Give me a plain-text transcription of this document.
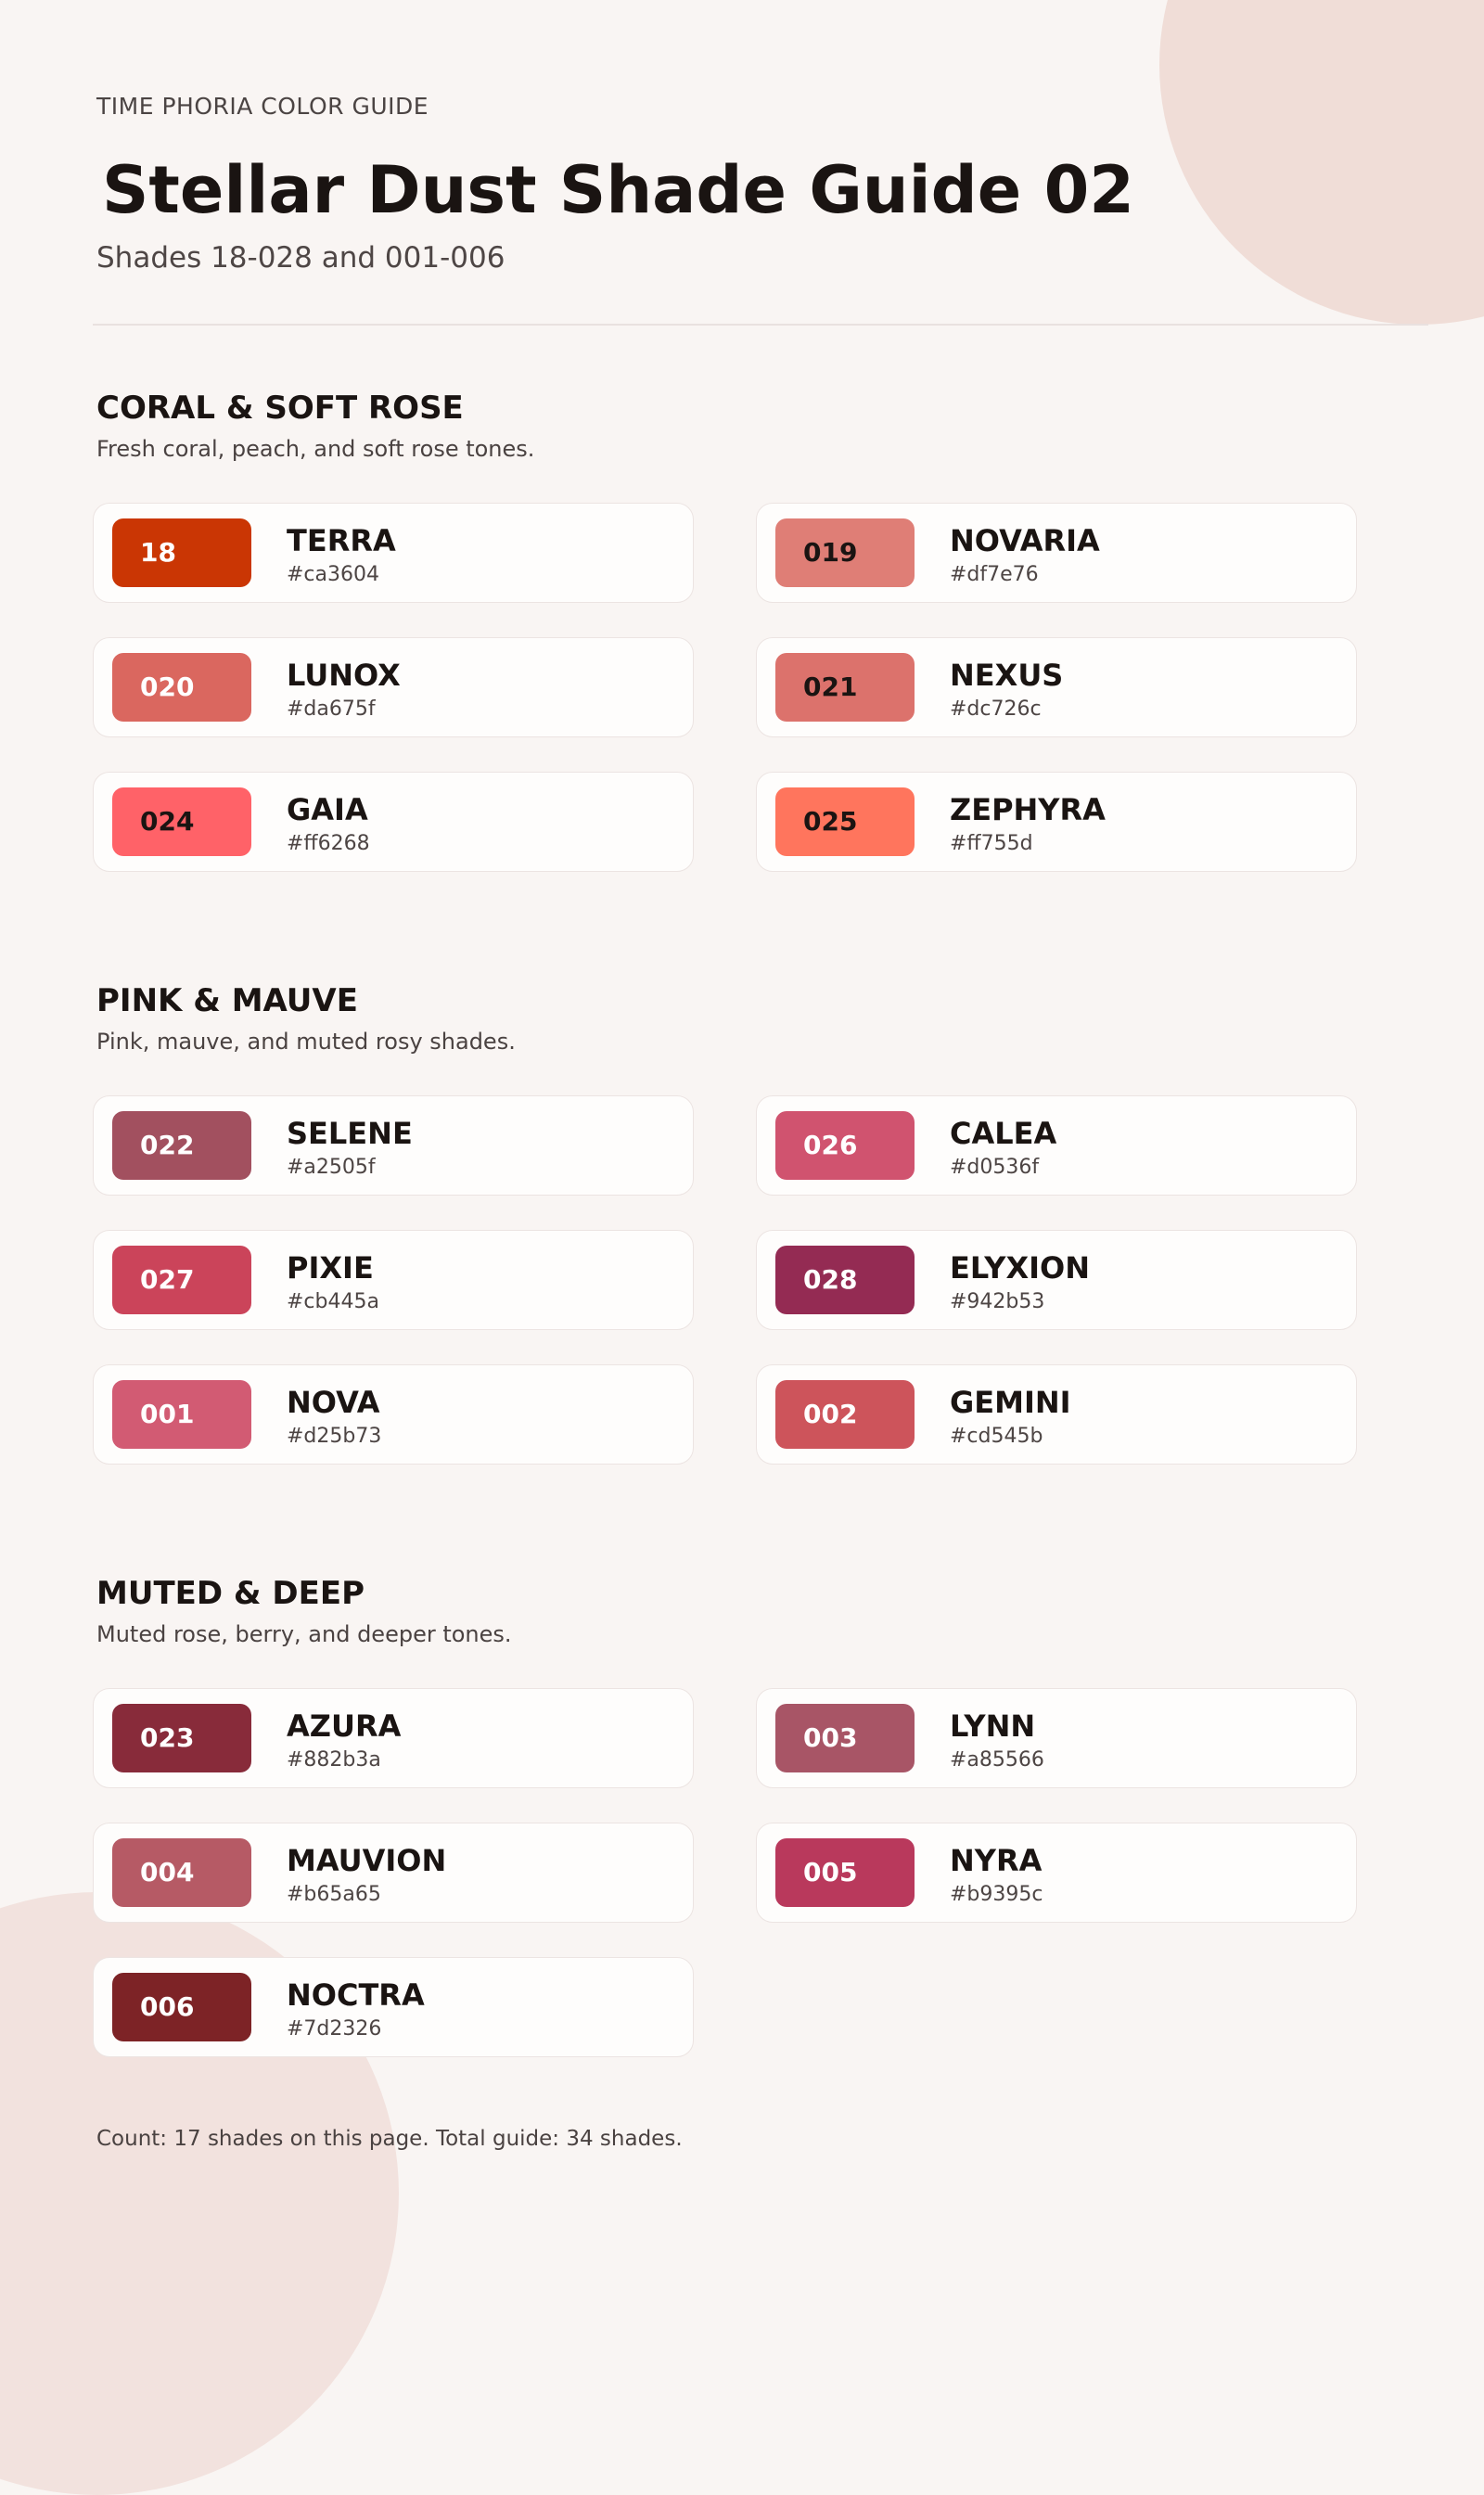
TIME PHORIA COLOR GUIDE
Stellar Dust Shade Guide 02
Shades 18-028 and 001-006
CORAL & SOFT ROSE
Fresh coral, peach, and soft rose tones.
18	TERRA
#ca3604
019	NOVARIA
#df7e76
020	LUNOX
#da675f
021	NEXUS
#dc726c
024	GAIA
#ff6268
025	ZEPHYRA
#ff755d
PINK & MAUVE
Pink, mauve, and muted rosy shades.
022	SELENE
#a2505f
026	CALEA
#d0536f
027	PIXIE
#cb445a
028	ELYXION
#942b53
001	NOVA
#d25b73
002	GEMINI
#cd545b
MUTED & DEEP
Muted rose, berry, and deeper tones.
023	AZURA
#882b3a
003	LYNN
#a85566
004	MAUVION
#b65a65
005	NYRA
#b9395c
006	NOCTRA
#7d2326
Count: 17 shades on this page. Total guide: 34 shades.
